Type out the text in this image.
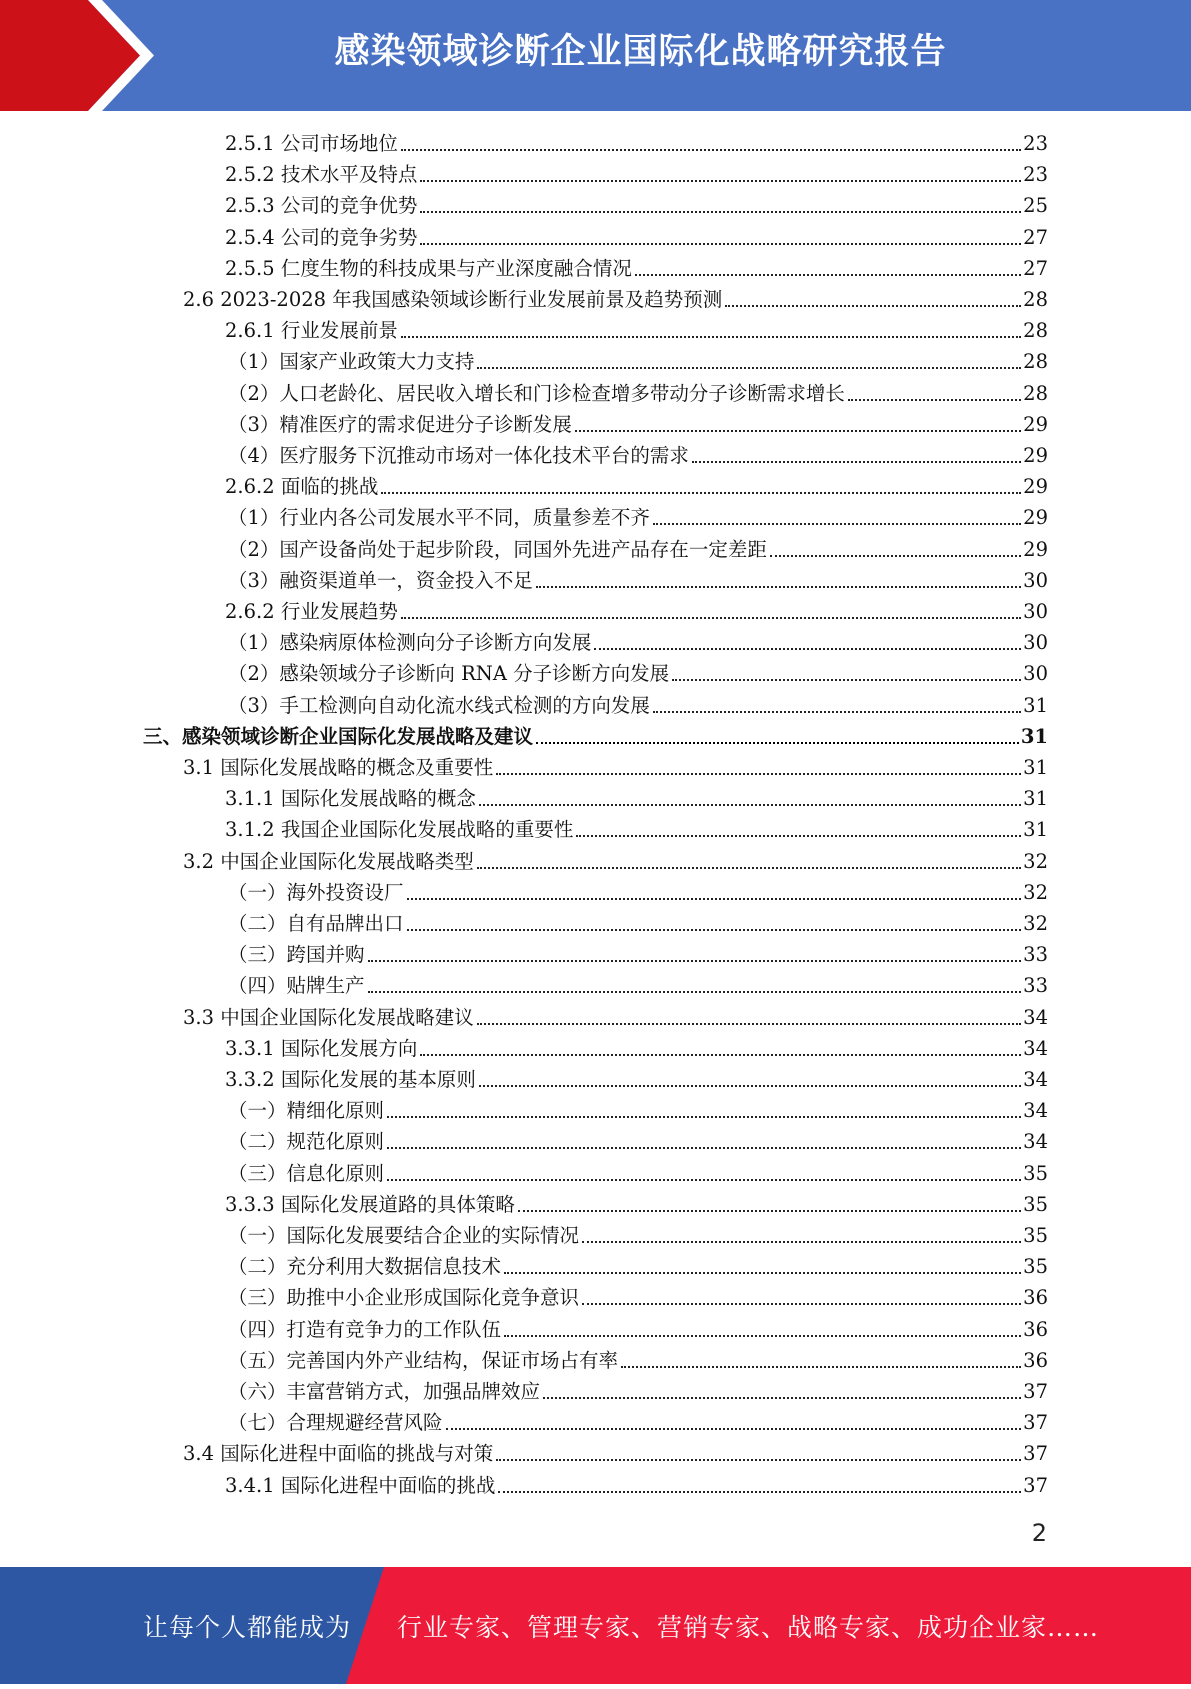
感染领域诊断企业国际化战略研究报告
2.5.1 公司市场地位	23
2.5.2 技术水平及特点	23
2.5.3 公司的竞争优势	25
2.5.4 公司的竞争劣势	27
2.5.5 仁度生物的科技成果与产业深度融合情况	27
2.6 2023-2028 年我国感染领域诊断行业发展前景及趋势预测	28
2.6.1 行业发展前景	28
（1）国家产业政策大力支持	28
（2）人口老龄化、居民收入增长和门诊检查增多带动分子诊断需求增长	28
（3）精准医疗的需求促进分子诊断发展	29
（4）医疗服务下沉推动市场对一体化技术平台的需求	29
2.6.2 面临的挑战	29
（1）行业内各公司发展水平不同，质量参差不齐	29
（2）国产设备尚处于起步阶段，同国外先进产品存在一定差距	29
（3）融资渠道单一，资金投入不足	30
2.6.2 行业发展趋势	30
（1）感染病原体检测向分子诊断方向发展	30
（2）感染领域分子诊断向 RNA 分子诊断方向发展	30
（3）手工检测向自动化流水线式检测的方向发展	31
三、感染领域诊断企业国际化发展战略及建议	31
3.1 国际化发展战略的概念及重要性	31
3.1.1 国际化发展战略的概念	31
3.1.2 我国企业国际化发展战略的重要性	31
3.2 中国企业国际化发展战略类型	32
（一）海外投资设厂	32
（二）自有品牌出口	32
（三）跨国并购	33
（四）贴牌生产	33
3.3 中国企业国际化发展战略建议	34
3.3.1 国际化发展方向	34
3.3.2 国际化发展的基本原则	34
（一）精细化原则	34
（二）规范化原则	34
（三）信息化原则	35
3.3.3 国际化发展道路的具体策略	35
（一）国际化发展要结合企业的实际情况	35
（二）充分利用大数据信息技术	35
（三）助推中小企业形成国际化竞争意识	36
（四）打造有竞争力的工作队伍	36
（五）完善国内外产业结构，保证市场占有率	36
（六）丰富营销方式，加强品牌效应	37
（七）合理规避经营风险	37
3.4 国际化进程中面临的挑战与对策	37
3.4.1 国际化进程中面临的挑战	37
2
让每个人都能成为 行业专家、管理专家、营销专家、战略专家、成功企业家……
